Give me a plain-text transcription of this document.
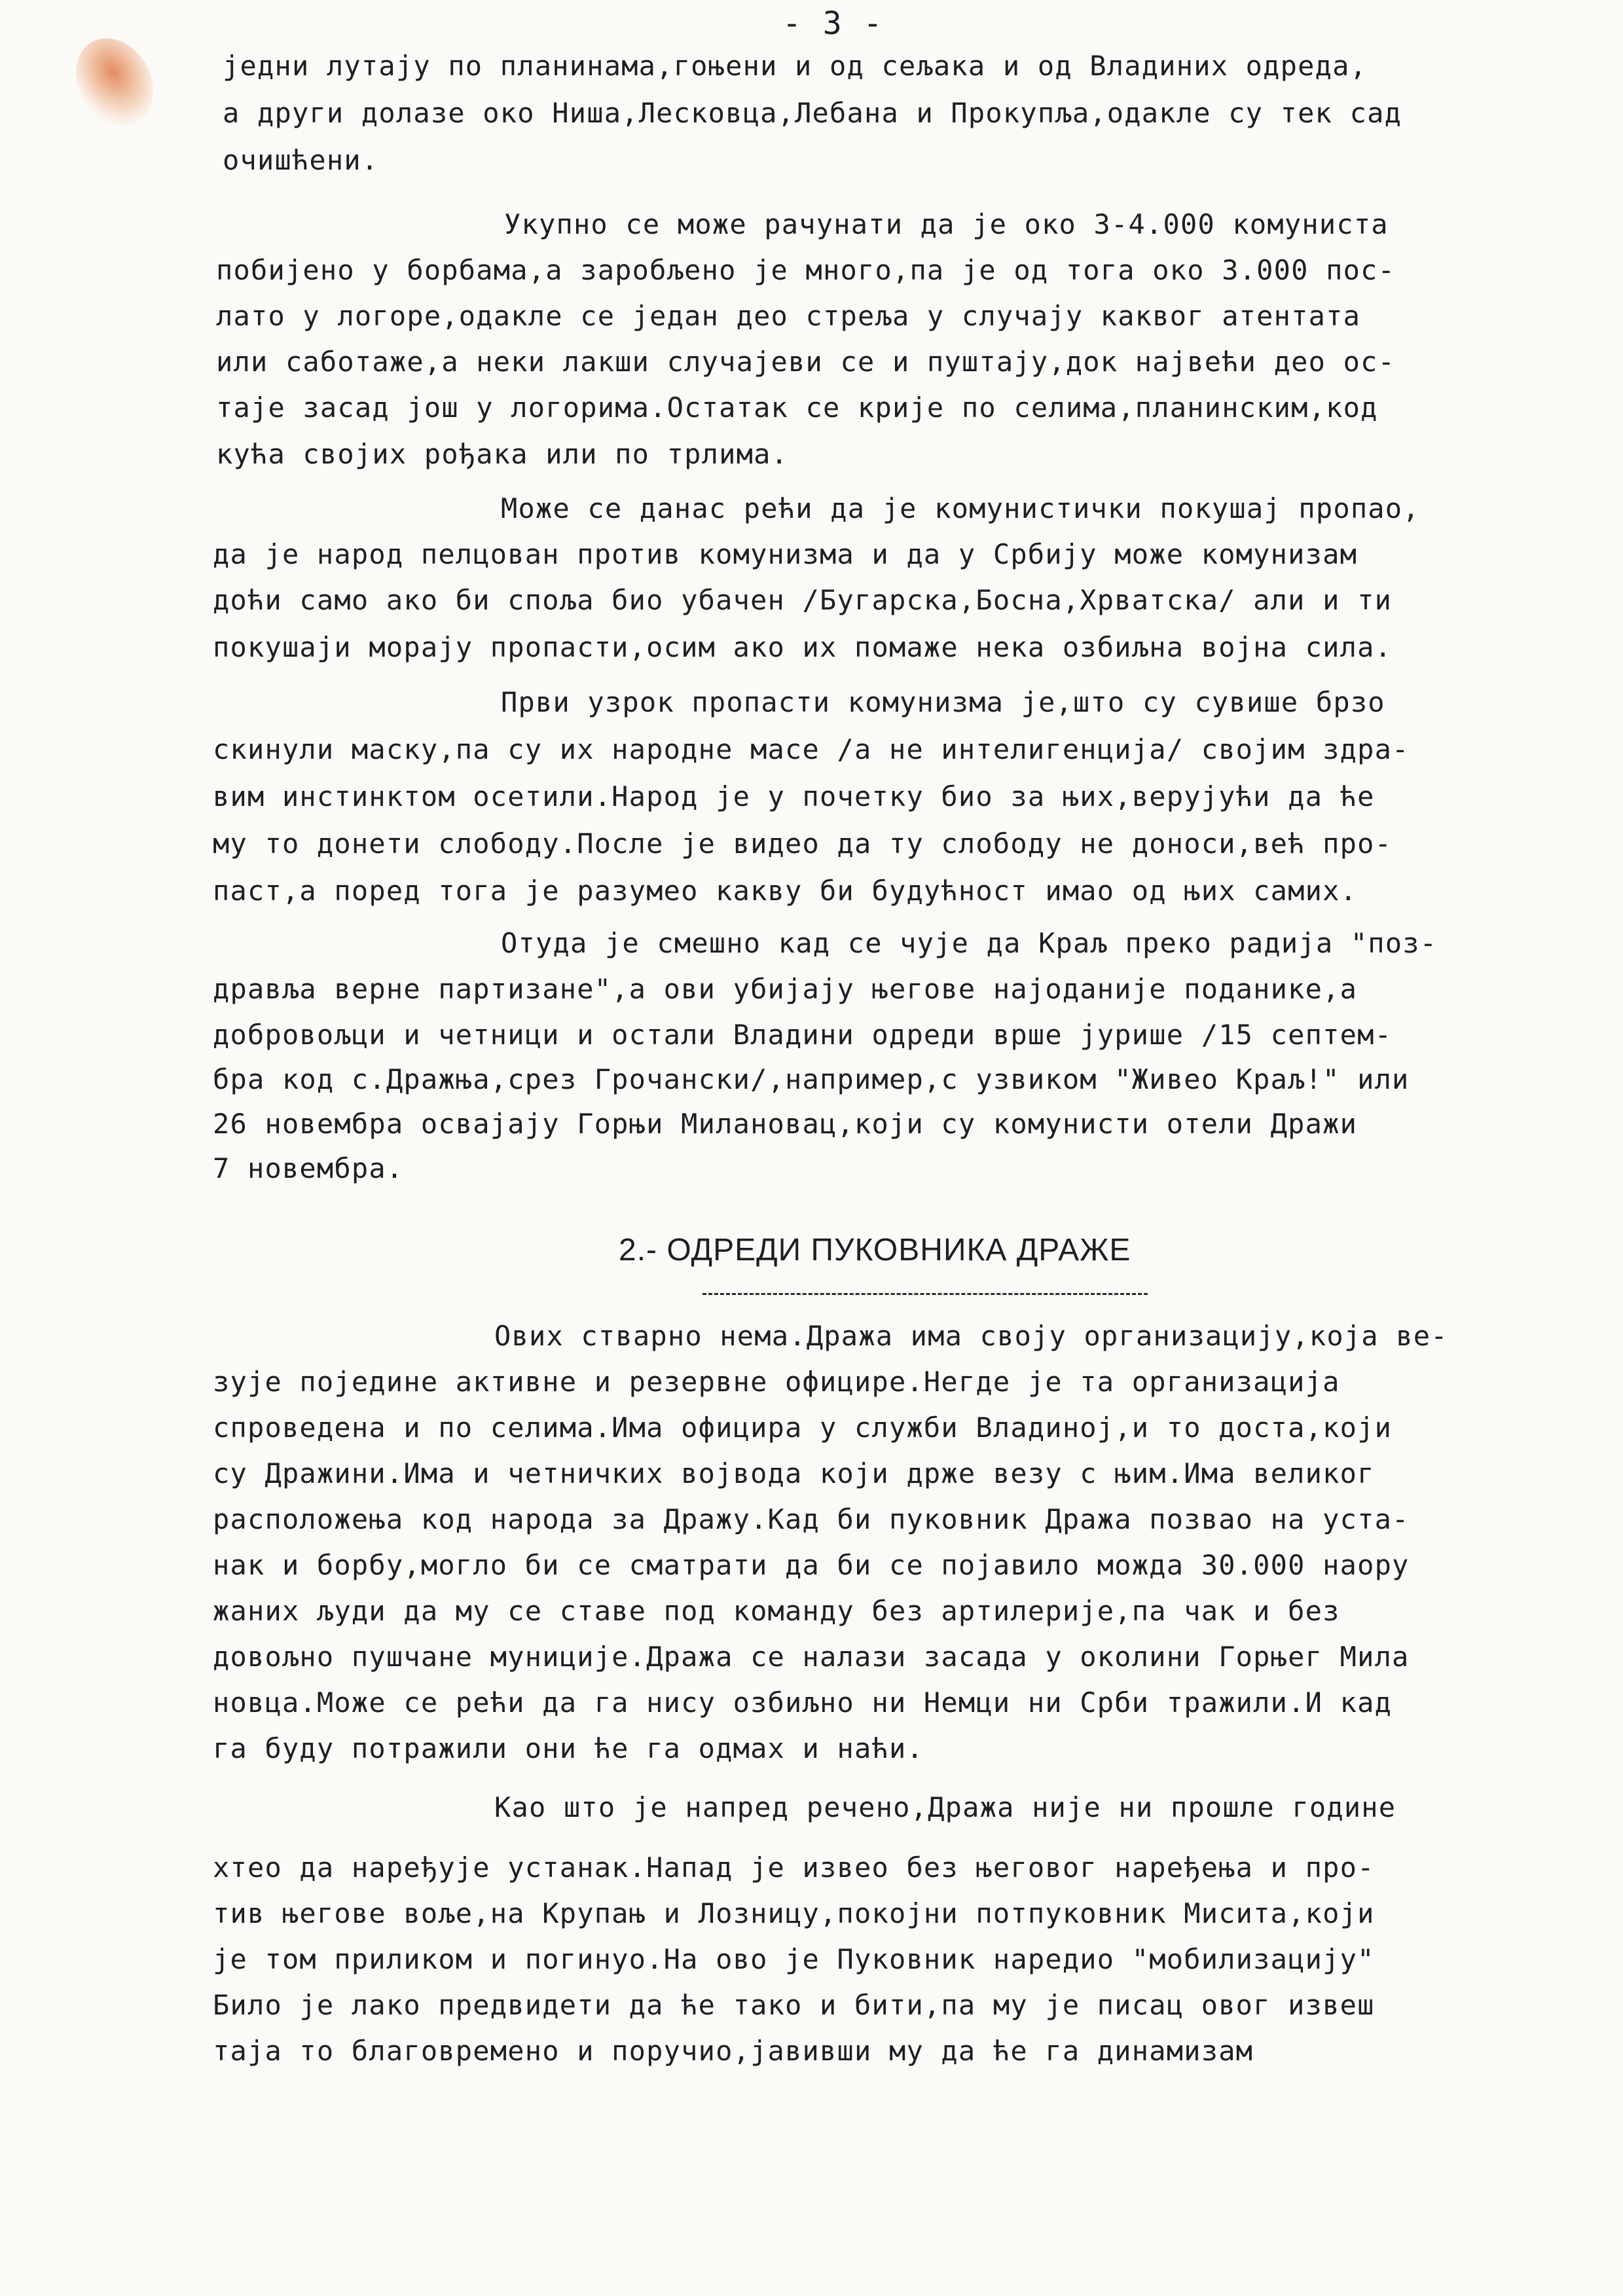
- 3 -
једни лутају по планинама,гоњени и од сељака и од Владиних одреда,
а други долазе око Ниша,Лесковца,Лебана и Прокупља,одакле су тек сад
очишћени.
Укупно се може рачунати да је око 3-4.000 комуниста
побијено у борбама,а заробљено је много,па је од тога око 3.000 пос-
лато у логоре,одакле се један део стреља у случају каквог атентата
или саботаже,а неки лакши случајеви се и пуштају,док највећи део ос-
таје засад још у логорима.Остатак се крије по селима,планинским,код
кућа својих рођака или по трлима.
Може се данас рећи да је комунистички покушај пропао,
да је народ пелцован против комунизма и да у Србију може комунизам
доћи само ако би споља био убачен /Бугарска,Босна,Хрватска/ али и ти
покушаји морају пропасти,осим ако их помаже нека озбиљна војна сила.
Први узрок пропасти комунизма је,што су сувише брзо
скинули маску,па су их народне масе /а не интелигенција/ својим здра-
вим инстинктом осетили.Народ је у почетку био за њих,верујући да ће
му то донети слободу.После је видео да ту слободу не доноси,већ про-
паст,а поред тога је разумео какву би будућност имао од њих самих.
Отуда је смешно кад се чује да Краљ преко радија "поз-
дравља верне партизане",а ови убијају његове најоданије поданике,а
добровољци и четници и остали Владини одреди врше јурише /15 септем-
бра код с.Дражња,срез Грочански/,например,с узвиком "Живео Краљ!" или
26 новембра освајају Горњи Милановац,који су комунисти отели Дражи
7 новембра.
2.- ОДРЕДИ ПУКОВНИКА ДРАЖЕ
Ових стварно нема.Дража има своју организацију,која ве-
зује поједине активне и резервне официре.Негде је та организација
спроведена и по селима.Има официра у служби Владиној,и то доста,који
су Дражини.Има и четничких војвода који држе везу с њим.Има великог
расположења код народа за Дражу.Кад би пуковник Дража позвао на уста-
нак и борбу,могло би се сматрати да би се појавило можда 30.000 наору
жаних људи да му се ставе под команду без артилерије,па чак и без
довољно пушчане муниције.Дража се налази засада у околини Горњег Мила
новца.Може се рећи да га нису озбиљно ни Немци ни Срби тражили.И кад
га буду потражили они ће га одмах и наћи.
Као што је напред речено,Дража није ни прошле године
хтео да наређује устанак.Напад је извео без његовог наређења и про-
тив његове воље,на Крупањ и Лозницу,покојни потпуковник Мисита,који
је том приликом и погинуо.На ово је Пуковник наредио "мобилизацију"
Било је лако предвидети да ће тако и бити,па му је писац овог извеш
таја то благовремено и поручио,јавивши му да ће га динамизам
